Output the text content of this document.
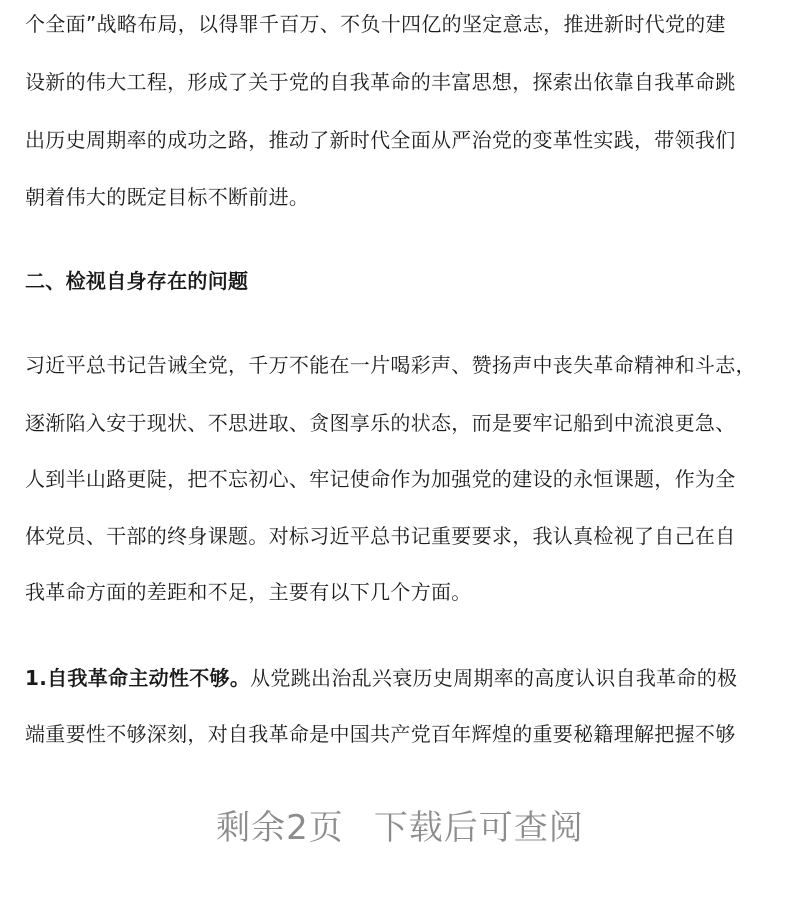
个全面”战略布局，以得罪千百万、不负十四亿的坚定意志，推进新时代党的建
设新的伟大工程，形成了关于党的自我革命的丰富思想，探索出依靠自我革命跳
出历史周期率的成功之路，推动了新时代全面从严治党的变革性实践，带领我们
朝着伟大的既定目标不断前进。
二、检视自身存在的问题
习近平总书记告诫全党，千万不能在一片喝彩声、赞扬声中丧失革命精神和斗志，
逐渐陷入安于现状、不思进取、贪图享乐的状态，而是要牢记船到中流浪更急、
人到半山路更陡，把不忘初心、牢记使命作为加强党的建设的永恒课题，作为全
体党员、干部的终身课题。对标习近平总书记重要要求，我认真检视了自己在自
我革命方面的差距和不足，主要有以下几个方面。
1.自我革命主动性不够。从党跳出治乱兴衰历史周期率的高度认识自我革命的极
端重要性不够深刻，对自我革命是中国共产党百年辉煌的重要秘籍理解把握不够
剩余2页 下载后可查阅
